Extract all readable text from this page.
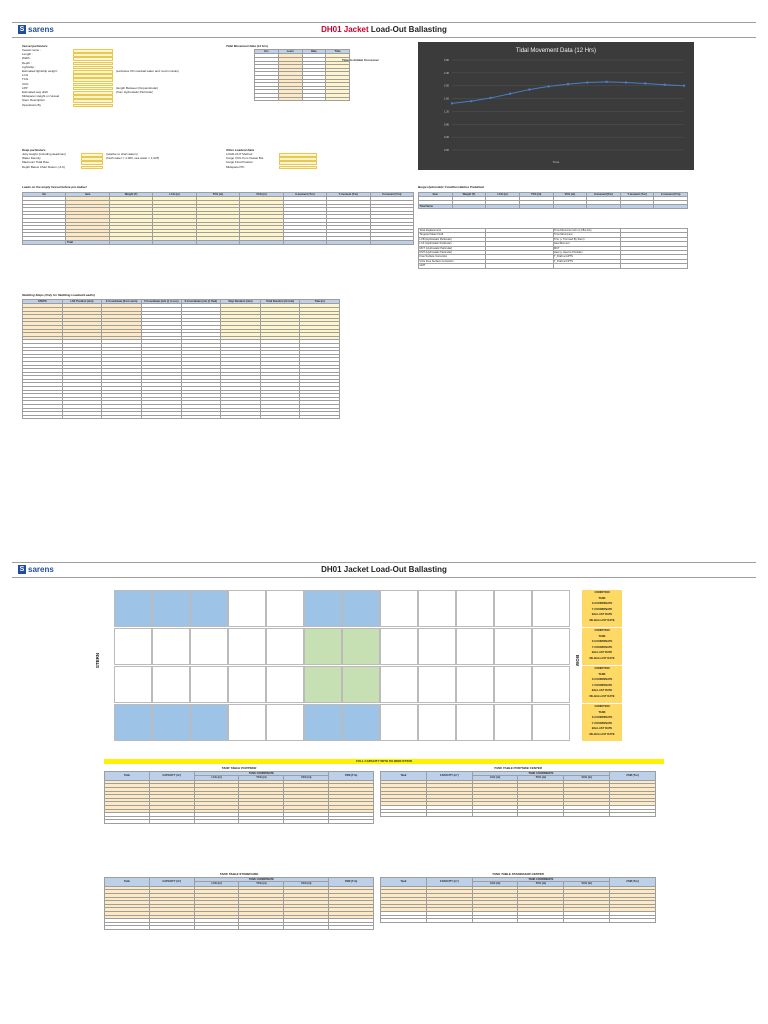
S sarens	DH01 Jacket Load-Out Ballasting
Vessel particulars
Vessel name :
Length :
Width :
Depth :
Lightship :
Estimated lightship weight :	(exclusive 0% residual water and mud in tanks)
LCG
TCG
VCG
LPP	(length Between Perpendicular)
Estimated avg draft	(from Hydrostatic Particular)
Midspacer Height on Vessel
Stern Description
Operations By
Tidal Movement Data (12 Hrs)
Hrs	Level	Date	Time

Time to Initiate Crossover
Tidal Movement Data (12 Hrs)
0.00
0.40
0.80
1.20
1.60
2.00
2.40
2.80
Time
Deep particulars
Jetty Height (including deadman)	(relative to chart datum)
Water Density	(fresh water = 1.000, sea water = 1.025)
Maximum Tidal Rise
Depth Below Chart Datum (-6.0)
Other Loadout Data
LOAD-OUT Method
Cargo VCG from Vessel Bot
Cargo Final Position
Midspacer/TK
Loads on the empty Vessel before pre-ballast
No	Item	Weight (T)	LCG (m)	TCG (m)	VCG (m)	X-moment (T.m)	Y-moment (T.m)	Z-moment (T.m)

	Total							
Barge Hydrostatic Condition Before Preballast
Item	Weight (T)	LCG (m)	TCG (m)	VCG (m)	X-moment(T.m)	Y-moment (T.m)	Z-moment (T.m)

Total Items							
Total displacement		Time Movement Arm (LCB-LCG)	
Targeted Mean Draft		Time Movement	
LCB (Hydrostatic Particular)		Trim (+ Trimmed By Stern)	
LCF (Hydrostatic Particular)		Heel Moment	
MCT (Hydrostatic Particular)		MCT	
KMT (Hydrostatic Particular)		Heel (+ Heel to Portside)	
Free Surface Correction		T_Draft at APTS	
VCG Free Surface Correction		T_Draft at FPTS	
GMT			
Skidding Steps (Only for Skidding Loadout/Loadin)
STEPS	LSF Position (mm)	X-Coordinate (from stern)	Y-Coordinate (mm @ m zoo)	X-Coordinate (mm @ f/wd)	Step Duration (min)	Total Duration (hr:min)	Tide (m)

S sarens	DH01 Jacket Load-Out Ballasting
STERN	BOW
CONDITION
TANK
X-COORDINATE
Y-COORDINATE
BALLAST RATE
DE-BALLAST RATE
CONDITION
TANK
X-COORDINATE
Y-COORDINATE
BALLAST RATE
DE-BALLAST RATE
CONDITION
TANK
X-COORDINATE
Y-COORDINATE
BALLAST RATE
DE-BALLAST RATE
CONDITION
TANK
X-COORDINATE
Y-COORDINATE
BALLAST RATE
DE-BALLAST RATE
FULL CAPACITY WITH 0% REDUCTION
TANK TABLE PORTSIDE
Tank	CAPACITY (m³)	TANK COORDINATE			FSM (T.m)
		LCG (m)	TCG (m)	VCG (m)	

TANK TABLE PORTSIDE CENTER
Tank	CAPACITY (m³)	TANK COORDINATE			FSM (T.m)
		LCG (m)	TCG (m)	VCG (m)	

TANK TABLE STARBOARD
Tank	CAPACITY (m³)	TANK COORDINATE			FSM (T.m)
		LCG (m)	TCG (m)	VCG (m)	

TANK TABLE STARBOARD CENTER
Tank	CAPACITY (m³)	TANK COORDINATE			FSM (T.m)
		LCG (m)	TCG (m)	VCG (m)	
